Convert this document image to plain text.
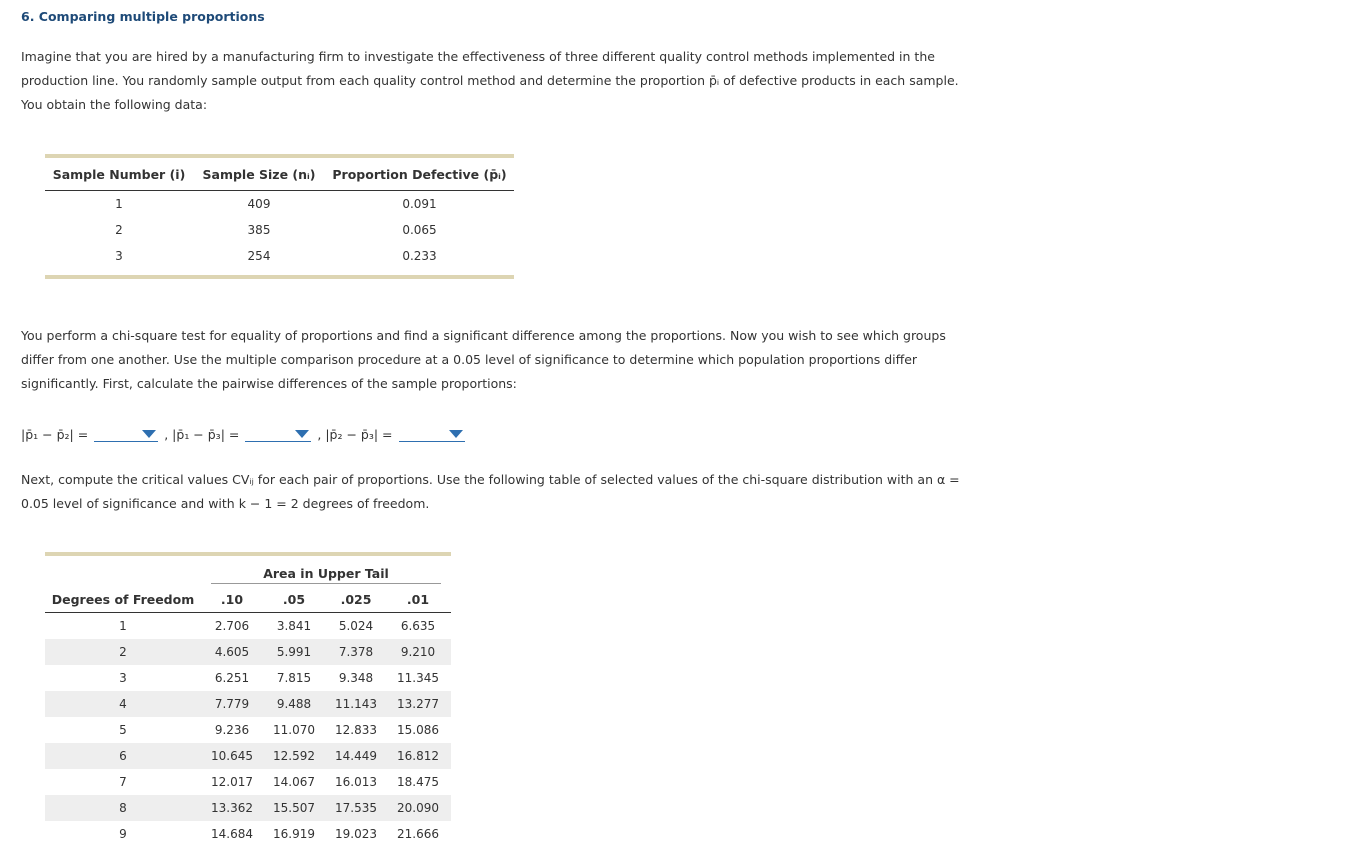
6. Comparing multiple proportions
Imagine that you are hired by a manufacturing firm to investigate the effectiveness of three different quality control methods implemented in the
production line. You randomly sample output from each quality control method and determine the proportion p̄ᵢ of defective products in each sample.
You obtain the following data:
Sample Number (i)	Sample Size (nᵢ)	Proportion Defective (p̄ᵢ)
1	409	0.091
2	385	0.065
3	254	0.233
You perform a chi-square test for equality of proportions and find a significant difference among the proportions. Now you wish to see which groups
differ from one another. Use the multiple comparison procedure at a 0.05 level of significance to determine which population proportions differ
significantly. First, calculate the pairwise differences of the sample proportions:
|p̄₁ − p̄₂| =	, |p̄₁ − p̄₃| =	, |p̄₂ − p̄₃| =
Next, compute the critical values CVᵢⱼ for each pair of proportions. Use the following table of selected values of the chi-square distribution with an α =
0.05 level of significance and with k − 1 = 2 degrees of freedom.
Area in Upper Tail
Degrees of Freedom	.10	.05	.025	.01
1	2.706	3.841	5.024	6.635
2	4.605	5.991	7.378	9.210
3	6.251	7.815	9.348	11.345
4	7.779	9.488	11.143	13.277
5	9.236	11.070	12.833	15.086
6	10.645	12.592	14.449	16.812
7	12.017	14.067	16.013	18.475
8	13.362	15.507	17.535	20.090
9	14.684	16.919	19.023	21.666
